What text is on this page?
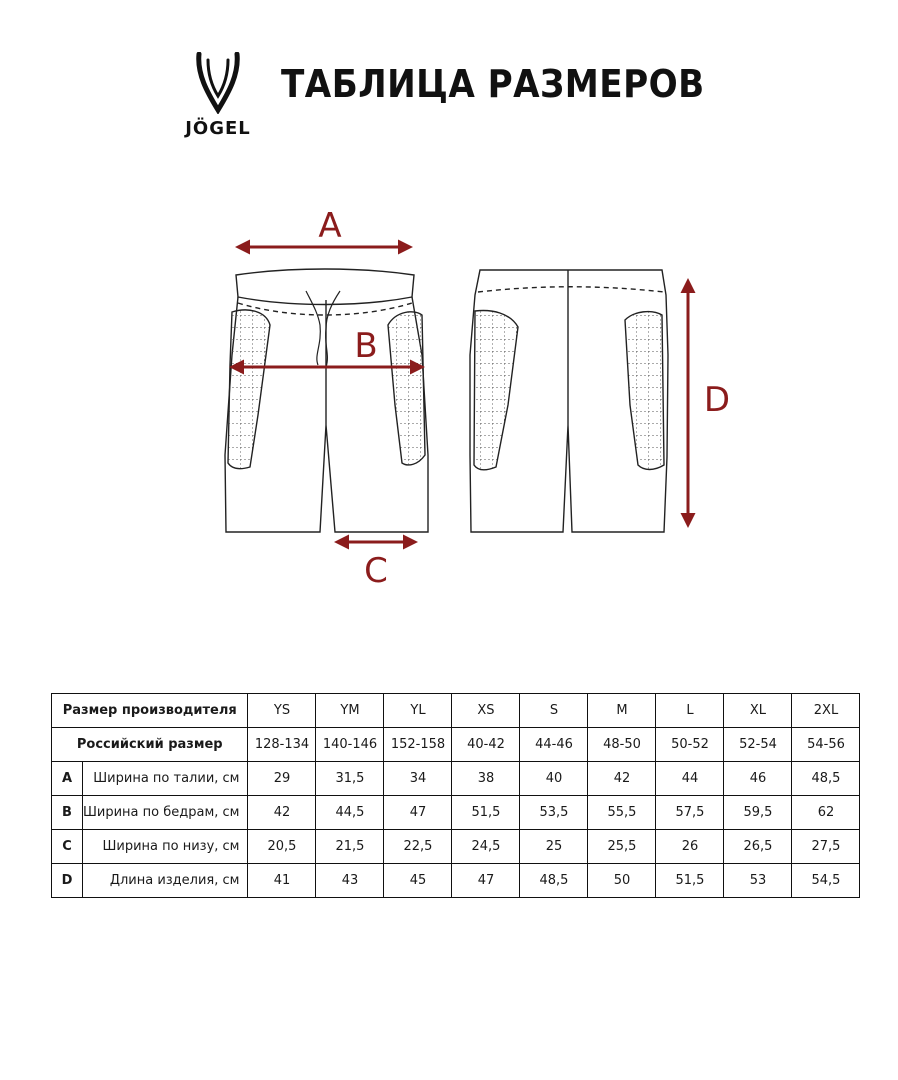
JÖGEL
ТАБЛИЦА РАЗМЕРОВ
A
B
C
D
Размер производителя		YS	YM	YL	XS	S	M	L	XL	2XL
Российский размер		128-134	140-146	152-158	40-42	44-46	48-50	50-52	52-54	54-56
A	Ширина по талии, см	29	31,5	34	38	40	42	44	46	48,5
B	Ширина по бедрам, см	42	44,5	47	51,5	53,5	55,5	57,5	59,5	62
C	Ширина по низу, см	20,5	21,5	22,5	24,5	25	25,5	26	26,5	27,5
D	Длина изделия, см	41	43	45	47	48,5	50	51,5	53	54,5
